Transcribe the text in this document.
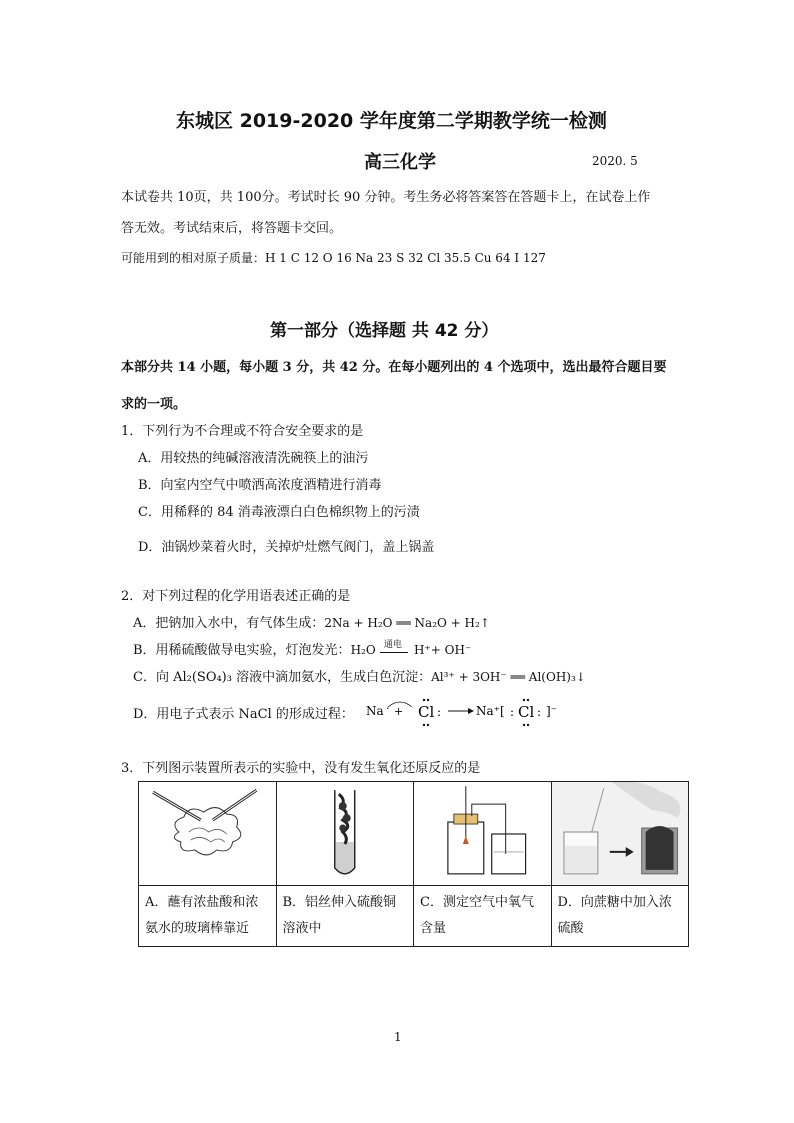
东城区 2019-2020 学年度第二学期教学统一检测
高三化学	2020. 5
本试卷共 10页，共 100分。考试时长 90 分钟。考生务必将答案答在答题卡上，在试卷上作
答无效。考试结束后，将答题卡交回。
可能用到的相对原子质量：H 1 C 12 O 16 Na 23 S 32 Cl 35.5 Cu 64 I 127
第一部分（选择题 共 42 分）
本部分共 14 小题，每小题 3 分，共 42 分。在每小题列出的 4 个选项中，选出最符合题目要
求的一项。
1．下列行为不合理或不符合安全要求的是
A．用较热的纯碱溶液清洗碗筷上的油污
B．向室内空气中喷洒高浓度酒精进行消毒
C．用稀释的 84 消毒液漂白白色棉织物上的污渍
D．油锅炒菜着火时，关掉炉灶燃气阀门，盖上锅盖
2．对下列过程的化学用语表述正确的是
A．把钠加入水中，有气体生成：2Na + H₂O ══ Na₂O + H₂↑
B．用稀硫酸做导电实验，灯泡发光：H₂O 通电 H⁺+ OH⁻
C．向 Al₂(SO₄)₃ 溶液中滴加氨水，生成白色沉淀：Al³⁺ + 3OH⁻ ══ Al(OH)₃↓
D．用电子式表示 NaCl 的形成过程： Na · + Cl :	Na⁺[ : Cl : ]⁻
3．下列图示装置所表示的实验中，没有发生氧化还原反应的是

A．蘸有浓盐酸和浓氨水的玻璃棒靠近	B．铝丝伸入硫酸铜溶液中	C．测定空气中氧气含量	D．向蔗糖中加入浓硫酸
1
